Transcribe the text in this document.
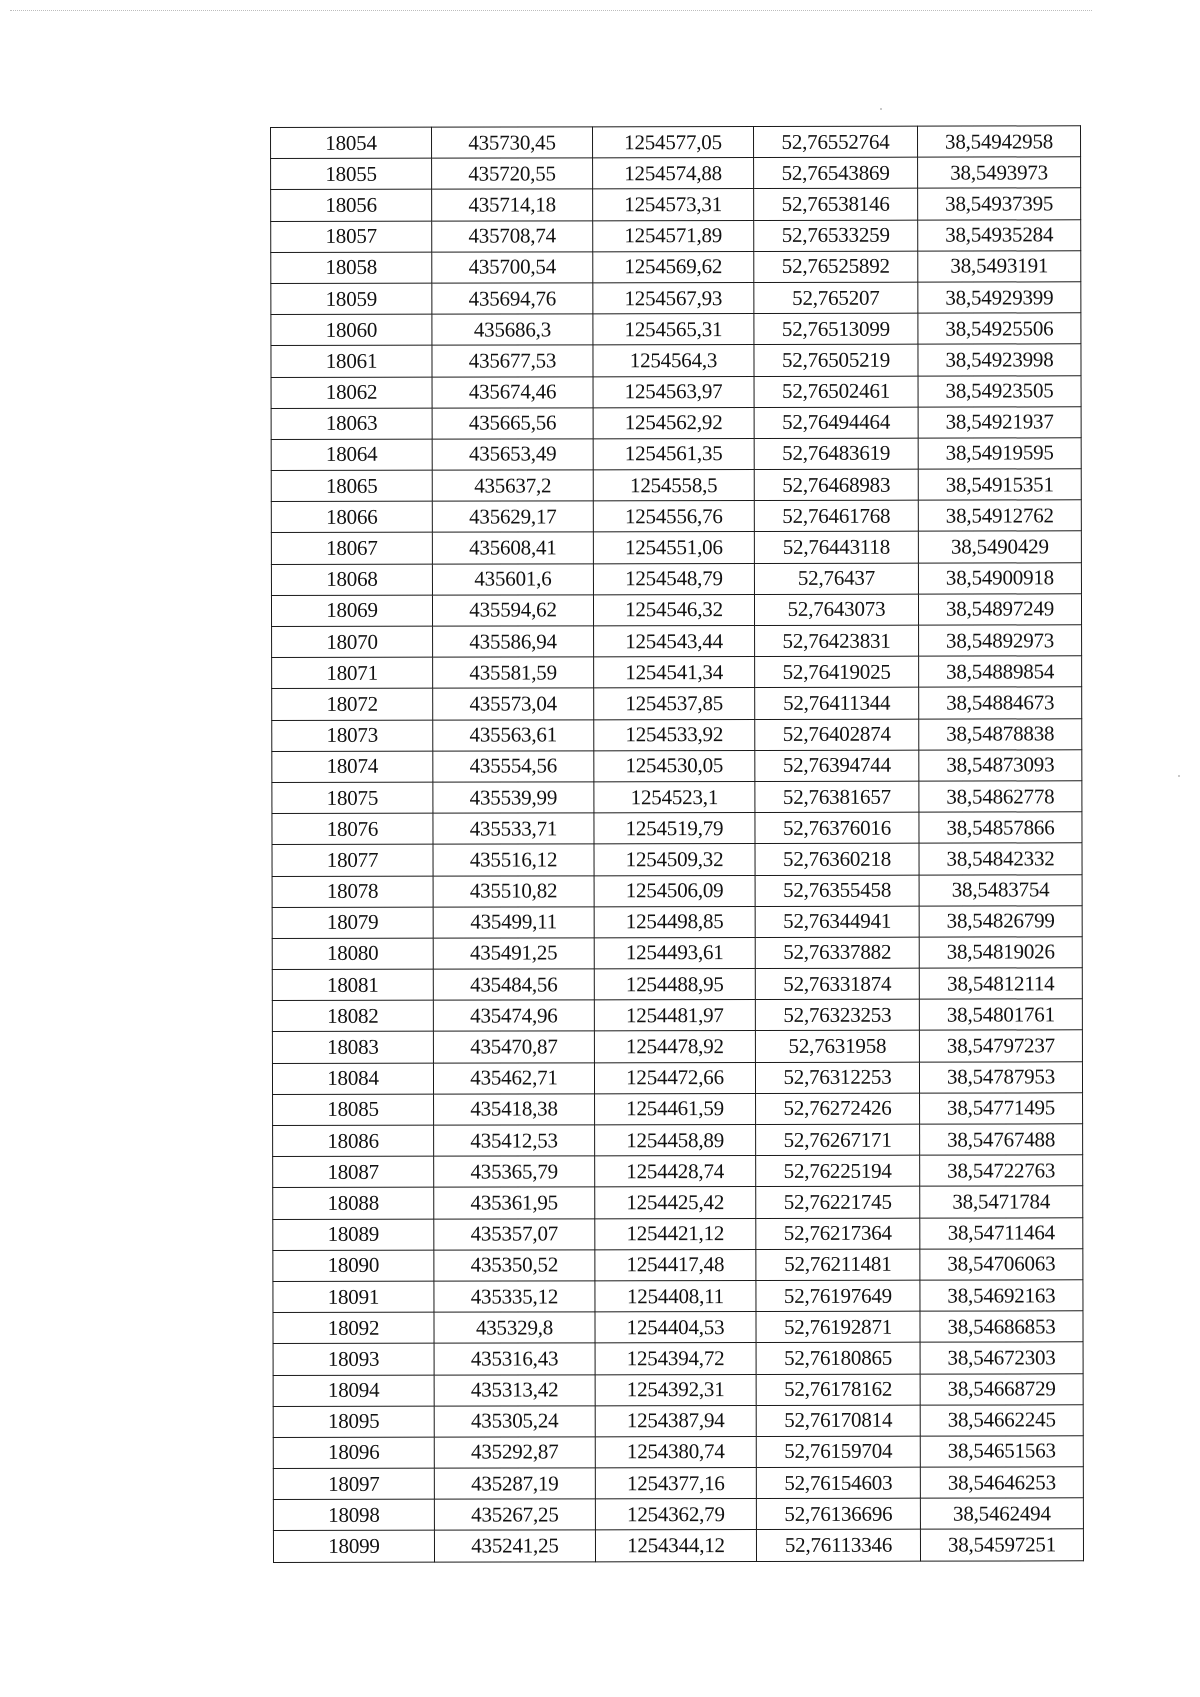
18054	435730,45	1254577,05	52,76552764	38,54942958
18055	435720,55	1254574,88	52,76543869	38,5493973
18056	435714,18	1254573,31	52,76538146	38,54937395
18057	435708,74	1254571,89	52,76533259	38,54935284
18058	435700,54	1254569,62	52,76525892	38,5493191
18059	435694,76	1254567,93	52,765207	38,54929399
18060	435686,3	1254565,31	52,76513099	38,54925506
18061	435677,53	1254564,3	52,76505219	38,54923998
18062	435674,46	1254563,97	52,76502461	38,54923505
18063	435665,56	1254562,92	52,76494464	38,54921937
18064	435653,49	1254561,35	52,76483619	38,54919595
18065	435637,2	1254558,5	52,76468983	38,54915351
18066	435629,17	1254556,76	52,76461768	38,54912762
18067	435608,41	1254551,06	52,76443118	38,5490429
18068	435601,6	1254548,79	52,76437	38,54900918
18069	435594,62	1254546,32	52,7643073	38,54897249
18070	435586,94	1254543,44	52,76423831	38,54892973
18071	435581,59	1254541,34	52,76419025	38,54889854
18072	435573,04	1254537,85	52,76411344	38,54884673
18073	435563,61	1254533,92	52,76402874	38,54878838
18074	435554,56	1254530,05	52,76394744	38,54873093
18075	435539,99	1254523,1	52,76381657	38,54862778
18076	435533,71	1254519,79	52,76376016	38,54857866
18077	435516,12	1254509,32	52,76360218	38,54842332
18078	435510,82	1254506,09	52,76355458	38,5483754
18079	435499,11	1254498,85	52,76344941	38,54826799
18080	435491,25	1254493,61	52,76337882	38,54819026
18081	435484,56	1254488,95	52,76331874	38,54812114
18082	435474,96	1254481,97	52,76323253	38,54801761
18083	435470,87	1254478,92	52,7631958	38,54797237
18084	435462,71	1254472,66	52,76312253	38,54787953
18085	435418,38	1254461,59	52,76272426	38,54771495
18086	435412,53	1254458,89	52,76267171	38,54767488
18087	435365,79	1254428,74	52,76225194	38,54722763
18088	435361,95	1254425,42	52,76221745	38,5471784
18089	435357,07	1254421,12	52,76217364	38,54711464
18090	435350,52	1254417,48	52,76211481	38,54706063
18091	435335,12	1254408,11	52,76197649	38,54692163
18092	435329,8	1254404,53	52,76192871	38,54686853
18093	435316,43	1254394,72	52,76180865	38,54672303
18094	435313,42	1254392,31	52,76178162	38,54668729
18095	435305,24	1254387,94	52,76170814	38,54662245
18096	435292,87	1254380,74	52,76159704	38,54651563
18097	435287,19	1254377,16	52,76154603	38,54646253
18098	435267,25	1254362,79	52,76136696	38,5462494
18099	435241,25	1254344,12	52,76113346	38,54597251
